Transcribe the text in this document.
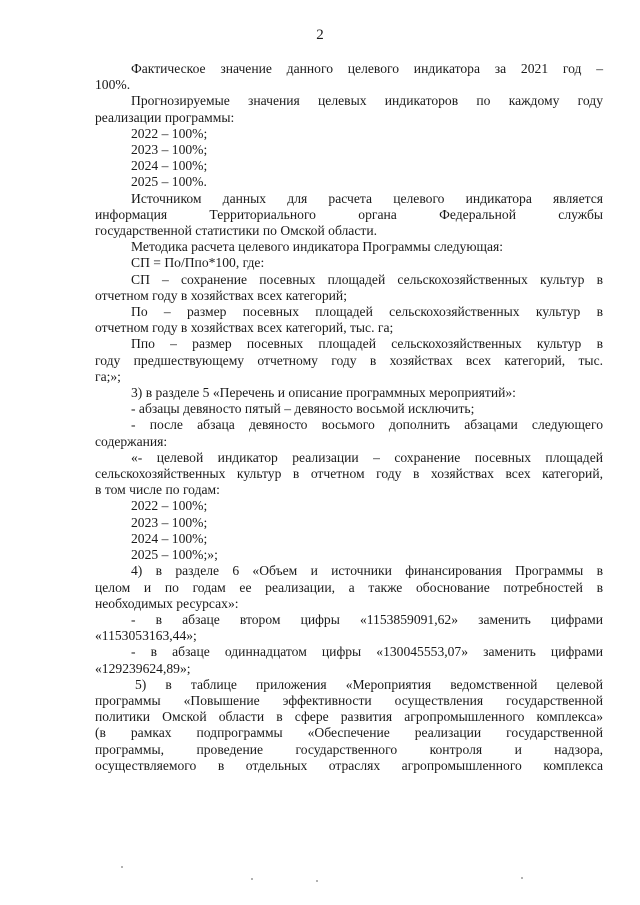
2

Фактическое значение данного целевого индикатора за 2021 год –

100%.

Прогнозируемые значения целевых индикаторов по каждому году

реализации программы:

2022 – 100%;

2023 – 100%;

2024 – 100%;

2025 – 100%.

Источником данных для расчета целевого индикатора является

информация Территориального органа Федеральной службы

государственной статистики по Омской области.

Методика расчета целевого индикатора Программы следующая:

СП = По/Ппо*100, где:

СП – сохранение посевных площадей сельскохозяйственных культур в

отчетном году в хозяйствах всех категорий;

По – размер посевных площадей сельскохозяйственных культур в

отчетном году в хозяйствах всех категорий, тыс. га;

Ппо – размер посевных площадей сельскохозяйственных культур в

году предшествующему отчетному году в хозяйствах всех категорий, тыс.

га;»;

3) в разделе 5 «Перечень и описание программных мероприятий»:

- абзацы девяносто пятый – девяносто восьмой исключить;

- после абзаца девяносто восьмого дополнить абзацами следующего

содержания:

«- целевой индикатор реализации – сохранение посевных площадей

сельскохозяйственных культур в отчетном году в хозяйствах всех категорий,

в том числе по годам:

2022 – 100%;

2023 – 100%;

2024 – 100%;

2025 – 100%;»;

4) в разделе 6 «Объем и источники финансирования Программы в

целом и по годам ее реализации, а также обоснование потребностей в

необходимых ресурсах»:

- в абзаце втором цифры «1153859091,62» заменить цифрами

«1153053163,44»;

- в абзаце одиннадцатом цифры «130045553,07» заменить цифрами

«129239624,89»;

5) в таблице приложения «Мероприятия ведомственной целевой

программы «Повышение эффективности осуществления государственной

политики Омской области в сфере развития агропромышленного комплекса»

(в рамках подпрограммы «Обеспечение реализации государственной

программы, проведение государственного контроля и надзора,

осуществляемого в отдельных отраслях агропромышленного комплекса
